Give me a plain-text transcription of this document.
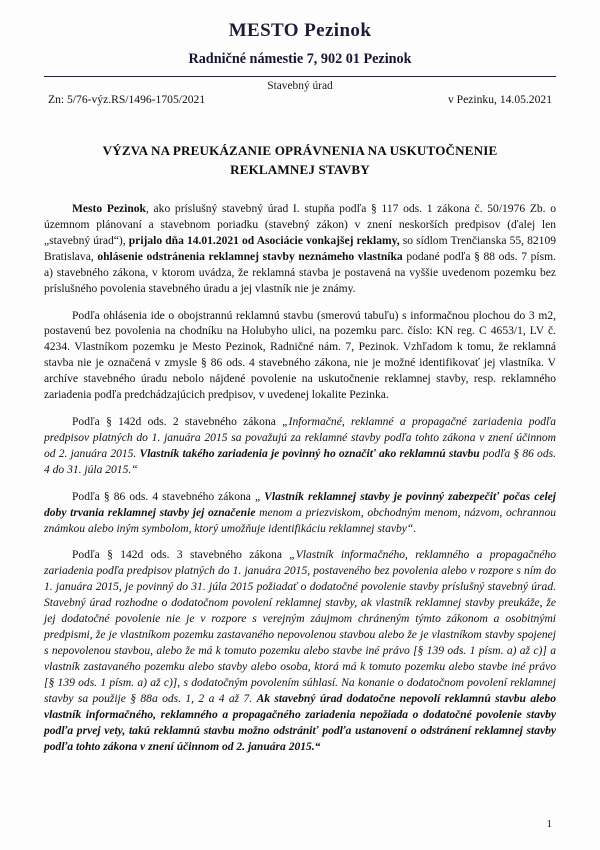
MESTO Pezinok
Radničné námestie 7, 902 01 Pezinok
Stavebný úrad
Zn: 5/76-výz.RS/1496-1705/2021	v Pezinku, 14.05.2021
VÝZVA NA PREUKÁZANIE OPRÁVNENIA NA USKUTOČNENIE REKLAMNEJ STAVBY

Mesto Pezinok, ako príslušný stavebný úrad I. stupňa podľa § 117 ods. 1 zákona č. 50/1976 Zb. o územnom plánovaní a stavebnom poriadku (stavebný zákon) v znení neskorších predpisov (ďalej len „stavebný úrad“), prijalo dňa 14.01.2021 od Asociácie vonkajšej reklamy, so sídlom Trenčianska 55, 82109 Bratislava, ohlásenie odstránenia reklamnej stavby neznámeho vlastníka podané podľa § 88 ods. 7 písm. a) stavebného zákona, v ktorom uvádza, že reklamná stavba je postavená na vyššie uvedenom pozemku bez príslušného povolenia stavebného úradu a jej vlastník nie je známy.

Podľa ohlásenia ide o obojstrannú reklamnú stavbu (smerovú tabuľu) s informačnou plochou do 3 m2, postavenú bez povolenia na chodníku na Holubyho ulici, na pozemku parc. číslo: KN reg. C 4653/1, LV č. 4234. Vlastníkom pozemku je Mesto Pezinok, Radničné nám. 7, Pezinok. Vzhľadom k tomu, že reklamná stavba nie je označená v zmysle § 86 ods. 4 stavebného zákona, nie je možné identifikovať jej vlastníka. V archíve stavebného úradu nebolo nájdené povolenie na uskutočnenie reklamnej stavby, resp. reklamného zariadenia podľa predchádzajúcich predpisov, v uvedenej lokalite Pezinka.

Podľa § 142d ods. 2 stavebného zákona „Informačné, reklamné a propagačné zariadenia podľa predpisov platných do 1. januára 2015 sa považujú za reklamné stavby podľa tohto zákona v znení účinnom od 2. januára 2015. Vlastník takého zariadenia je povinný ho označiť ako reklamnú stavbu podľa § 86 ods. 4 do 31. júla 2015.“

Podľa § 86 ods. 4 stavebného zákona „ Vlastník reklamnej stavby je povinný zabezpečiť počas celej doby trvania reklamnej stavby jej označenie menom a priezviskom, obchodným menom, názvom, ochrannou známkou alebo iným symbolom, ktorý umožňuje identifikáciu reklamnej stavby“.

Podľa § 142d ods. 3 stavebného zákona „Vlastník informačného, reklamného a propagačného zariadenia podľa predpisov platných do 1. januára 2015, postaveného bez povolenia alebo v rozpore s ním do 1. januára 2015, je povinný do 31. júla 2015 požiadať o dodatočné povolenie stavby príslušný stavebný úrad. Stavebný úrad rozhodne o dodatočnom povolení reklamnej stavby, ak vlastník reklamnej stavby preukáže, že jej dodatočné povolenie nie je v rozpore s verejným záujmom chráneným týmto zákonom a osobitnými predpismi, že je vlastníkom pozemku zastavaného nepovolenou stavbou alebo že je vlastníkom stavby spojenej s nepovolenou stavbou, alebo že má k tomuto pozemku alebo stavbe iné právo [§ 139 ods. 1 písm. a) až c)] a vlastník zastavaného pozemku alebo stavby alebo osoba, ktorá má k tomuto pozemku alebo stavbe iné právo [§ 139 ods. 1 písm. a) až c)], s dodatočným povolením súhlasí. Na konanie o dodatočnom povolení reklamnej stavby sa použije § 88a ods. 1, 2 a 4 až 7. Ak stavebný úrad dodatočne nepovolí reklamnú stavbu alebo vlastník informačného, reklamného a propagačného zariadenia nepožiada o dodatočné povolenie stavby podľa prvej vety, takú reklamnú stavbu možno odstrániť podľa ustanovení o odstránení reklamnej stavby podľa tohto zákona v znení účinnom od 2. januára 2015.“

1
